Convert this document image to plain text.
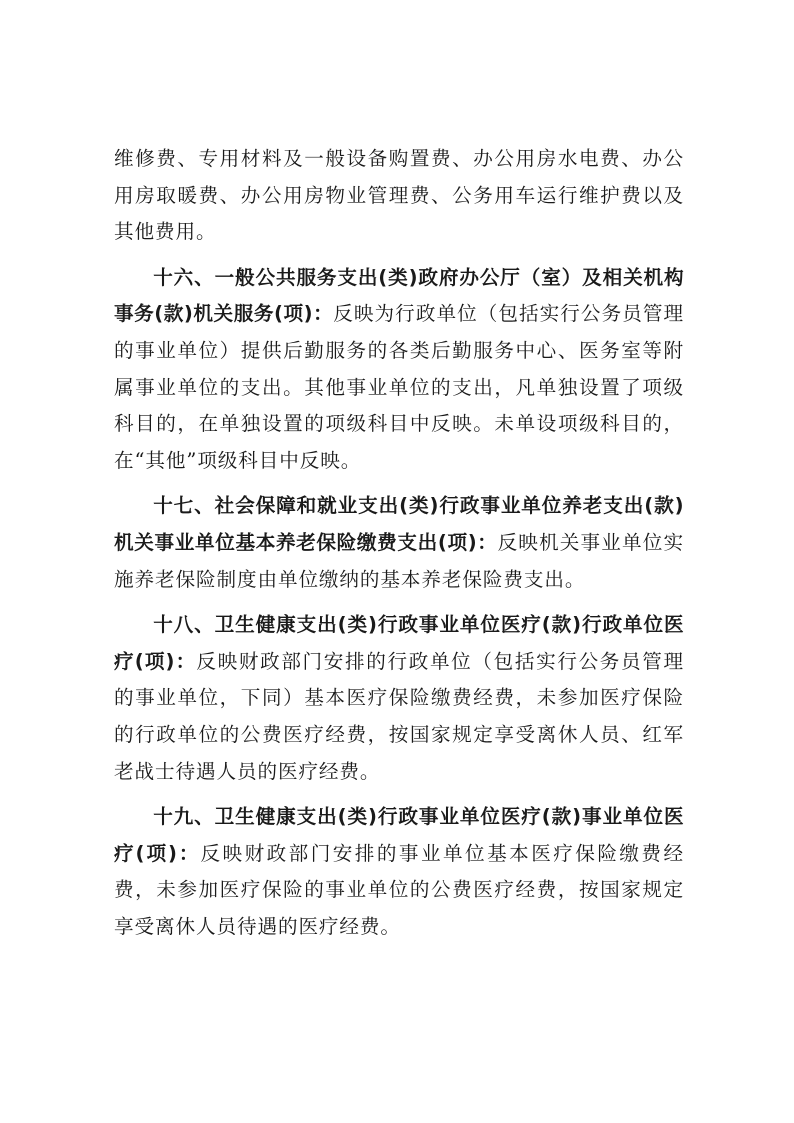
维修费、专用材料及一般设备购置费、办公用房水电费、办公用房取暖费、办公用房物业管理费、公务用车运行维护费以及其他费用。

十六、一般公共服务支出(类)政府办公厅（室）及相关机构事务(款)机关服务(项)：反映为行政单位（包括实行公务员管理的事业单位）提供后勤服务的各类后勤服务中心、医务室等附属事业单位的支出。其他事业单位的支出，凡单独设置了项级科目的，在单独设置的项级科目中反映。未单设项级科目的，在“其他”项级科目中反映。

十七、社会保障和就业支出(类)行政事业单位养老支出(款)机关事业单位基本养老保险缴费支出(项)：反映机关事业单位实施养老保险制度由单位缴纳的基本养老保险费支出。

十八、卫生健康支出(类)行政事业单位医疗(款)行政单位医疗(项)：反映财政部门安排的行政单位（包括实行公务员管理的事业单位，下同）基本医疗保险缴费经费，未参加医疗保险的行政单位的公费医疗经费，按国家规定享受离休人员、红军老战士待遇人员的医疗经费。

十九、卫生健康支出(类)行政事业单位医疗(款)事业单位医疗(项)：反映财政部门安排的事业单位基本医疗保险缴费经费，未参加医疗保险的事业单位的公费医疗经费，按国家规定享受离休人员待遇的医疗经费。
